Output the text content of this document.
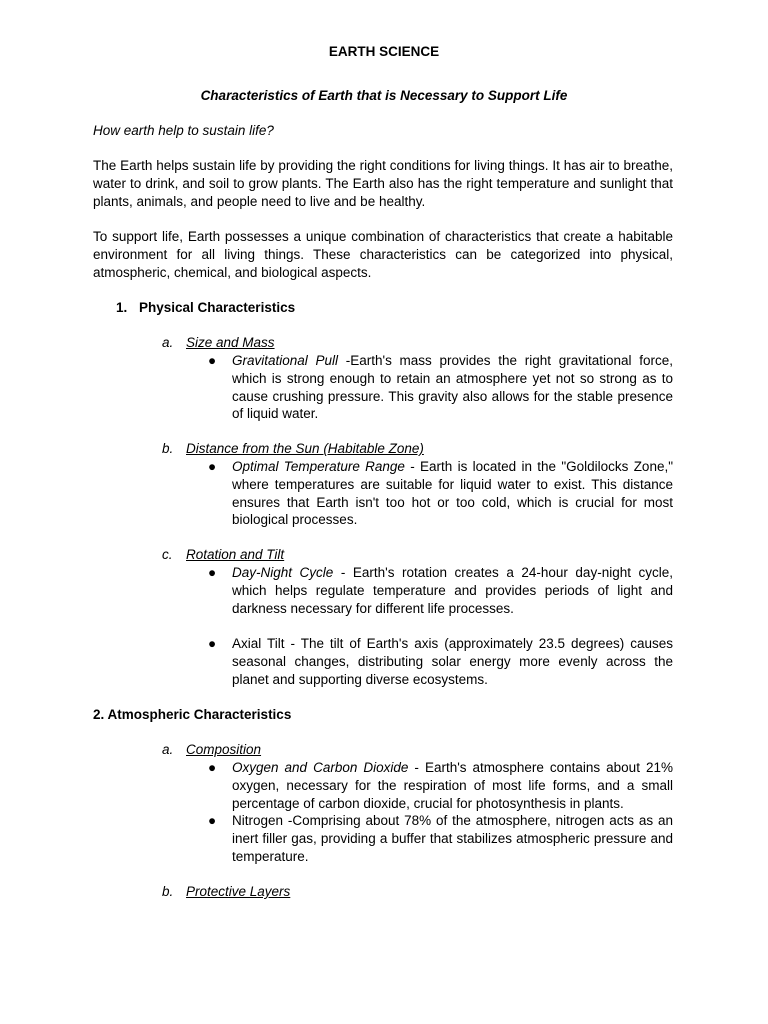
EARTH SCIENCE
Characteristics of Earth that is Necessary to Support Life
How earth help to sustain life?
The Earth helps sustain life by providing the right conditions for living things. It has air to breathe, water to drink, and soil to grow plants. The Earth also has the right temperature and sunlight that plants, animals, and people need to live and be healthy.
To support life, Earth possesses a unique combination of characteristics that create a habitable environment for all living things. These characteristics can be categorized into physical, atmospheric, chemical, and biological aspects.
1. Physical Characteristics
a. Size and Mass
●	Gravitational Pull -Earth's mass provides the right gravitational force, which is strong enough to retain an atmosphere yet not so strong as to cause crushing pressure. This gravity also allows for the stable presence of liquid water.
b. Distance from the Sun (Habitable Zone)
●	Optimal Temperature Range - Earth is located in the "Goldilocks Zone," where temperatures are suitable for liquid water to exist. This distance ensures that Earth isn't too hot or too cold, which is crucial for most biological processes.
c. Rotation and Tilt
●	Day-Night Cycle - Earth's rotation creates a 24-hour day-night cycle, which helps regulate temperature and provides periods of light and darkness necessary for different life processes.
●	Axial Tilt - The tilt of Earth's axis (approximately 23.5 degrees) causes seasonal changes, distributing solar energy more evenly across the planet and supporting diverse ecosystems.
2. Atmospheric Characteristics
a. Composition
●	Oxygen and Carbon Dioxide - Earth's atmosphere contains about 21% oxygen, necessary for the respiration of most life forms, and a small percentage of carbon dioxide, crucial for photosynthesis in plants.
●	Nitrogen -Comprising about 78% of the atmosphere, nitrogen acts as an inert filler gas, providing a buffer that stabilizes atmospheric pressure and temperature.
b. Protective Layers
